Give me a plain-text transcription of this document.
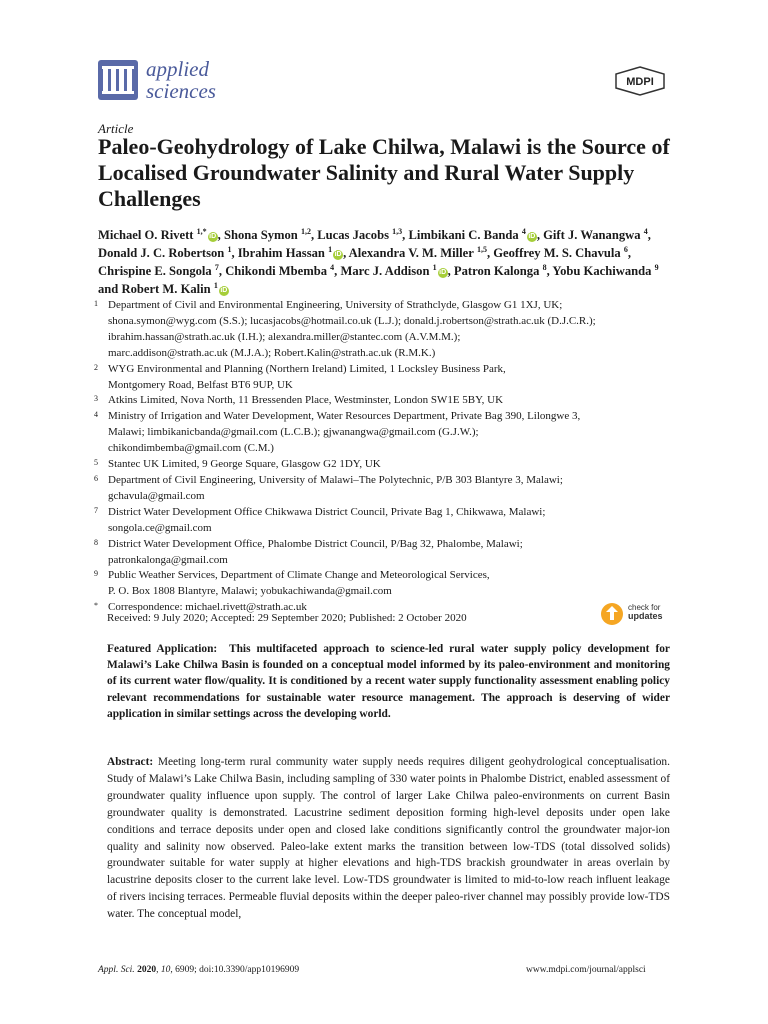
applied
sciences	MDPI
Article
Paleo-Geohydrology of Lake Chilwa, Malawi is the Source of Localised Groundwater Salinity and Rural Water Supply Challenges
Michael O. Rivett $^{1,*}$iD , Shona Symon $^{1,2}$, Lucas Jacobs $^{1,3}$, Limbikani C. Banda $^4$iD , Gift J. Wanangwa $^4$, Donald J. C. Robertson $^1$, Ibrahim Hassan $^1$iD , Alexandra V. M. Miller $^{1,5}$, Geoffrey M. S. Chavula $^6$, Chrispine E. Songola $^7$, Chikondi Mbemba $^4$, Marc J. Addison $^1$iD , Patron Kalonga $^8$, Yobu Kachiwanda $^9$ and Robert M. Kalin $^1$iD
1 Department of Civil and Environmental Engineering, University of Strathclyde, Glasgow G1 1XJ, UK;
shona.symon@wyg.com (S.S.); lucasjacobs@hotmail.co.uk (L.J.); donald.j.robertson@strath.ac.uk (D.J.C.R.);
ibrahim.hassan@strath.ac.uk (I.H.); alexandra.miller@stantec.com (A.V.M.M.);
marc.addison@strath.ac.uk (M.J.A.); Robert.Kalin@strath.ac.uk (R.M.K.)
2 WYG Environmental and Planning (Northern Ireland) Limited, 1 Locksley Business Park,
Montgomery Road, Belfast BT6 9UP, UK
3 Atkins Limited, Nova North, 11 Bressenden Place, Westminster, London SW1E 5BY, UK
4 Ministry of Irrigation and Water Development, Water Resources Department, Private Bag 390, Lilongwe 3,
Malawi; limbikanicbanda@gmail.com (L.C.B.); gjwanangwa@gmail.com (G.J.W.);
chikondimbemba@gmail.com (C.M.)
5 Stantec UK Limited, 9 George Square, Glasgow G2 1DY, UK
6 Department of Civil Engineering, University of Malawi–The Polytechnic, P/B 303 Blantyre 3, Malawi;
gchavula@gmail.com
7 District Water Development Office Chikwawa District Council, Private Bag 1, Chikwawa, Malawi;
songola.ce@gmail.com
8 District Water Development Office, Phalombe District Council, P/Bag 32, Phalombe, Malawi;
patronkalonga@gmail.com
9 Public Weather Services, Department of Climate Change and Meteorological Services,
P. O. Box 1808 Blantyre, Malawi; yobukachiwanda@gmail.com
* Correspondence: michael.rivett@strath.ac.uk
Received: 9 July 2020; Accepted: 29 September 2020; Published: 2 October 2020
check for
updates
Featured Application: This multifaceted approach to science-led rural water supply policy development for Malawi’s Lake Chilwa Basin is founded on a conceptual model informed by its paleo-environment and monitoring of its current water flow/quality. It is conditioned by a recent water supply functionality assessment enabling policy relevant recommendations for sustainable water resource management. The approach is deserving of wider application in similar settings across the developing world.
Abstract: Meeting long-term rural community water supply needs requires diligent geohydrological conceptualisation. Study of Malawi’s Lake Chilwa Basin, including sampling of 330 water points in Phalombe District, enabled assessment of groundwater quality influence upon supply. The control of larger Lake Chilwa paleo-environments on current Basin groundwater quality is demonstrated. Lacustrine sediment deposition forming high-level deposits under open lake conditions and terrace deposits under open and closed lake conditions significantly control the groundwater major-ion quality and salinity now observed. Paleo-lake extent marks the transition between low-TDS (total dissolved solids) groundwater suitable for water supply at higher elevations and high-TDS brackish groundwater in areas overlain by lacustrine deposits closer to the current lake level. Low-TDS groundwater is limited to mid-to-low reach influent leakage of rivers incising terraces. Permeable fluvial deposits within the deeper paleo-river channel may possibly provide low-TDS water. The conceptual model,
Appl. Sci. 2020, 10, 6909; doi:10.3390/app10196909	www.mdpi.com/journal/applsci
